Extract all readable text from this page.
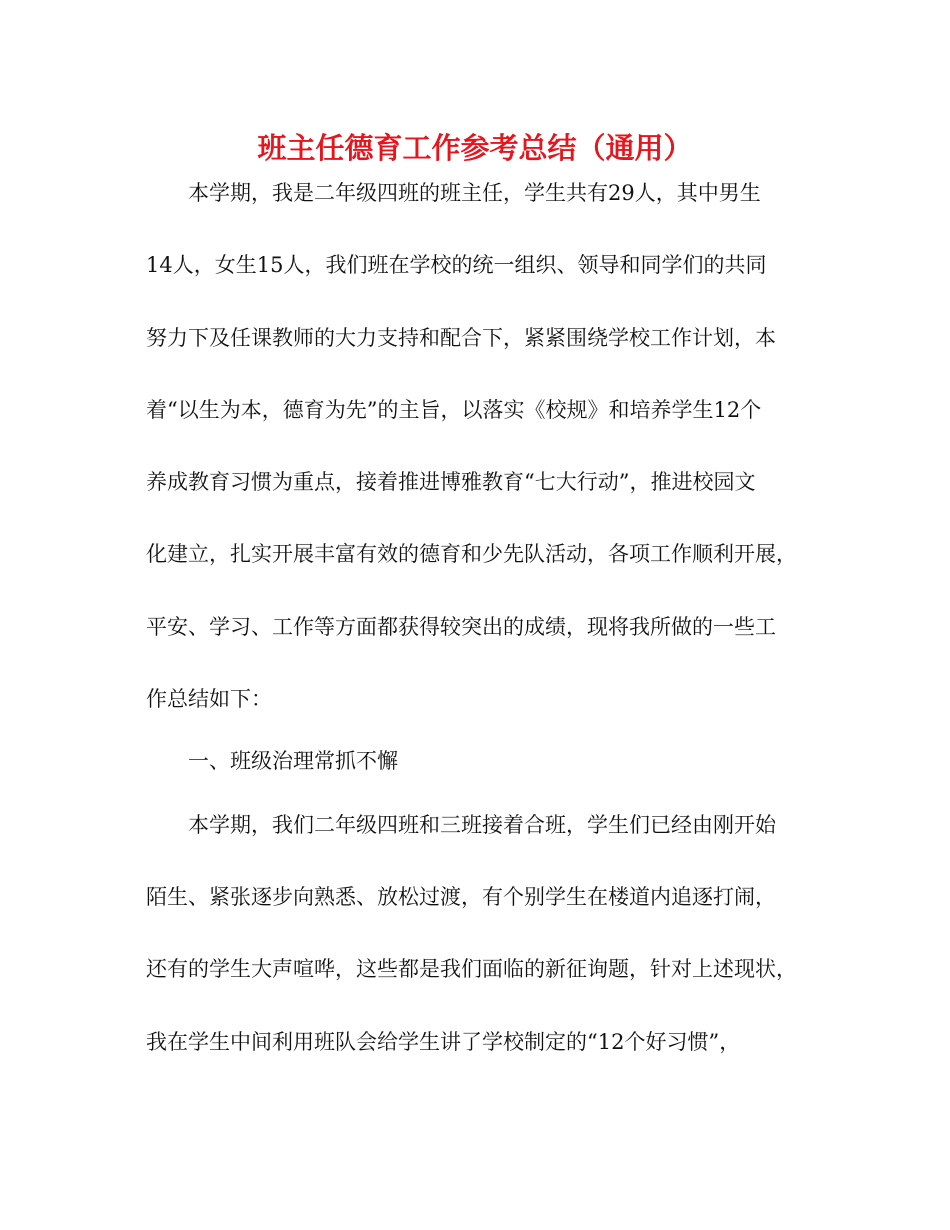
班主任德育工作参考总结（通用）

本学期，我是二年级四班的班主任，学生共有29人，其中男生

14人，女生15人，我们班在学校的统一组织、领导和同学们的共同

努力下及任课教师的大力支持和配合下，紧紧围绕学校工作计划，本

着“以生为本，德育为先”的主旨，以落实《校规》和培养学生12个

养成教育习惯为重点，接着推进博雅教育“七大行动”，推进校园文

化建立，扎实开展丰富有效的德育和少先队活动，各项工作顺利开展，

平安、学习、工作等方面都获得较突出的成绩，现将我所做的一些工

作总结如下：

一、班级治理常抓不懈

本学期，我们二年级四班和三班接着合班，学生们已经由刚开始

陌生、紧张逐步向熟悉、放松过渡，有个别学生在楼道内追逐打闹，

还有的学生大声喧哗，这些都是我们面临的新征询题，针对上述现状，

我在学生中间利用班队会给学生讲了学校制定的“12个好习惯”，
